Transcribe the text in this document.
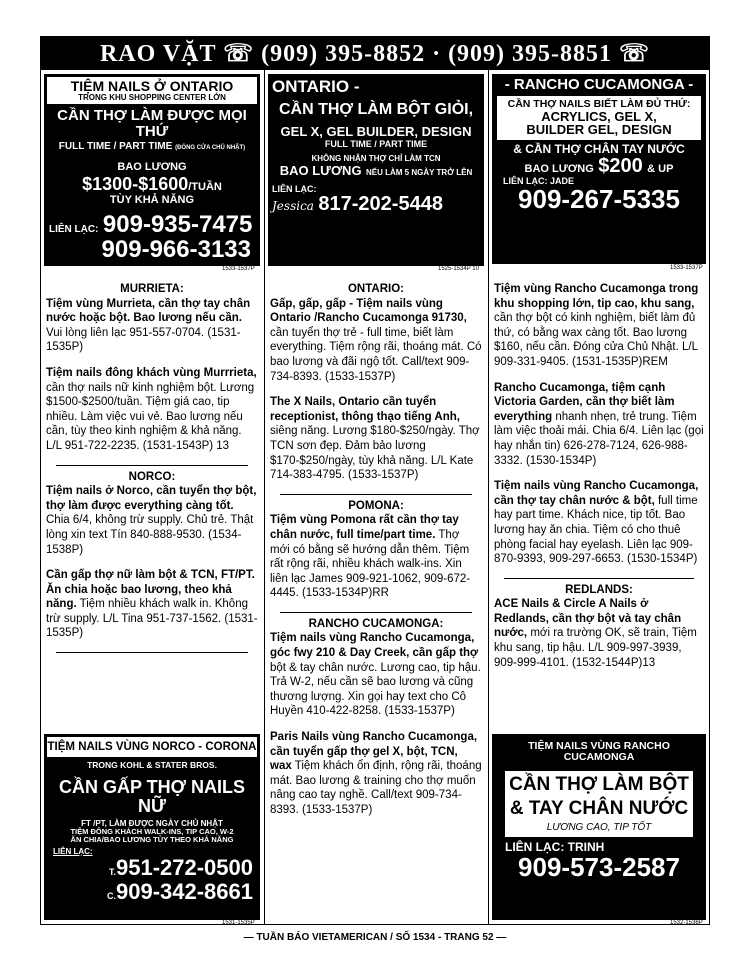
RAO VẶT ☏ (909) 395-8852 · (909) 395-8851 ☏
TIỆM NAILS Ở ONTARIO
TRONG KHU SHOPPING CENTER LỚN
CẦN THỢ LÀM ĐƯỢC MỌI THỨ
FULL TIME / PART TIME (ĐÓNG CỬA CHỦ NHẬT)
BAO LƯƠNG $1300-$1600/TUẦN
TÙY KHẢ NĂNG
LIÊN LẠC: 909-935-7475
909-966-3133
1533-1537P
ONTARIO -
CẦN THỢ LÀM BỘT GIỎI,
GEL X, GEL BUILDER, DESIGN
FULL TIME / PART TIME
KHÔNG NHẬN THỢ CHỈ LÀM TCN
BAO LƯƠNG NẾU LÀM 5 NGÀY TRỞ LÊN
LIÊN LẠC:
Jessica 817-202-5448
1525-1534P 10
- RANCHO CUCAMONGA -
CẦN THỢ NAILS BIẾT LÀM ĐỦ THỨ:
ACRYLICS, GEL X,
BUILDER GEL, DESIGN
& CẦN THỢ CHÂN TAY NƯỚC
BAO LƯƠNG $200 & UP
LIÊN LẠC: JADE
909-267-5335
1533-1537P
MURRIETA:

Tiệm vùng Murrieta, cần thợ tay chân nước hoặc bột. Bao lương nếu cần. Vui lòng liên lạc 951-557-0704. (1531-1535P)

Tiệm nails đông khách vùng Murrrieta, cần thợ nails nữ kinh nghiệm bột. Lương $1500-$2500/tuần. Tiệm giá cao, tip nhiều. Làm việc vui vẻ. Bao lương nếu cần, tùy theo kinh nghiệm & khả năng. L/L 951-722-2235. (1531-1543P) 13

NORCO:

Tiệm nails ở Norco, cần tuyển thợ bột, thợ làm được everything càng tốt. Chia 6/4, không trừ supply. Chủ trẻ. Thật lòng xin text Tín 840-888-9530. (1534-1538P)

Cần gấp thợ nữ làm bột & TCN, FT/PT. Ăn chia hoặc bao lương, theo khả năng. Tiệm nhiều khách walk in. Không trừ supply. L/L Tina 951-737-1562. (1531-1535P)

TIỆM NAILS VÙNG NORCO - CORONA
TRONG KOHL & STATER BROS.
CẦN GẤP THỢ NAILS NỮ
FT /PT, LÀM ĐƯỢC NGÀY CHỦ NHẬT
TIỆM ĐÔNG KHÁCH WALK-INS, TIP CAO, W-2
ĂN CHIA/BAO LƯƠNG TÙY THEO KHẢ NĂNG
LIÊN LẠC:
T.951-272-0500
C.909-342-8661
1531-1535P
ONTARIO:

Gấp, gấp, gấp - Tiệm nails vùng Ontario /Rancho Cucamonga 91730, cần tuyển thợ trẻ - full time, biết làm everything. Tiệm rộng rãi, thoáng mát. Có bao lương và đãi ngộ tốt. Call/text 909-734-8393. (1533-1537P)

The X Nails, Ontario cần tuyển receptionist, thông thạo tiếng Anh, siêng năng. Lương $180-$250/ngày. Thợ TCN sơn đẹp. Đảm bảo lương $170-$250/ngày, tùy khả năng. L/L Kate 714-383-4795. (1533-1537P)

POMONA:

Tiệm vùng Pomona rất cần thợ tay chân nước, full time/part time. Thợ mới có bằng sẽ hướng dẫn thêm. Tiệm rất rộng rãi, nhiều khách walk-ins. Xin liên lạc James 909-921-1062, 909-672-4445. (1533-1534P)RR

RANCHO CUCAMONGA:

Tiệm nails vùng Rancho Cucamonga, góc fwy 210 & Day Creek, cần gấp thợ bột & tay chân nước. Lương cao, tip hậu. Trả W-2, nếu cần sẽ bao lương và cũng thương lượng. Xin gọi hay text cho Cô Huyền 410-422-8258. (1533-1537P)

Paris Nails vùng Rancho Cucamonga, cần tuyển gấp thợ gel X, bột, TCN, wax Tiệm khách ổn định, rộng rãi, thoáng mát. Bao lương & training cho thợ muốn nâng cao tay nghề. Call/text 909-734-8393. (1533-1537P)

Tiệm vùng Rancho Cucamonga trong khu shopping lớn, tip cao, khu sang, cần thợ bột có kinh nghiệm, biết làm đủ thứ, có bằng wax càng tốt. Bao lương $160, nếu cần. Đóng cửa Chủ Nhật. L/L 909-331-9405. (1531-1535P)REM

Rancho Cucamonga, tiệm cạnh Victoria Garden, cần thợ biết làm everything nhanh nhẹn, trẻ trung. Tiệm làm việc thoải mái. Chia 6/4. Liên lạc (gọi hay nhắn tin) 626-278-7124, 626-988-3332. (1530-1534P)

Tiệm nails vùng Rancho Cucamonga, cần thợ tay chân nước & bột, full time hay part time. Khách nice, tip tốt. Bao lương hay ăn chia. Tiệm có cho thuê phòng facial hay eyelash. Liên lạc 909-870-9393, 909-297-6653. (1530-1534P)

REDLANDS:

ACE Nails & Circle A Nails ở Redlands, cần thợ bột và tay chân nước, mới ra trường OK, sẽ train, Tiệm khu sang, tip hậu. L/L 909-997-3939, 909-999-4101. (1532-1544P)13

TIỆM NAILS VÙNG RANCHO CUCAMONGA
CẦN THỢ LÀM BỘT
& TAY CHÂN NƯỚC
LƯƠNG CAO, TIP TỐT
LIÊN LẠC: TRINH
909-573-2587
1532-1536P
— TUẦN BÁO VIETAMERICAN / SỐ 1534 - TRANG 52 —
